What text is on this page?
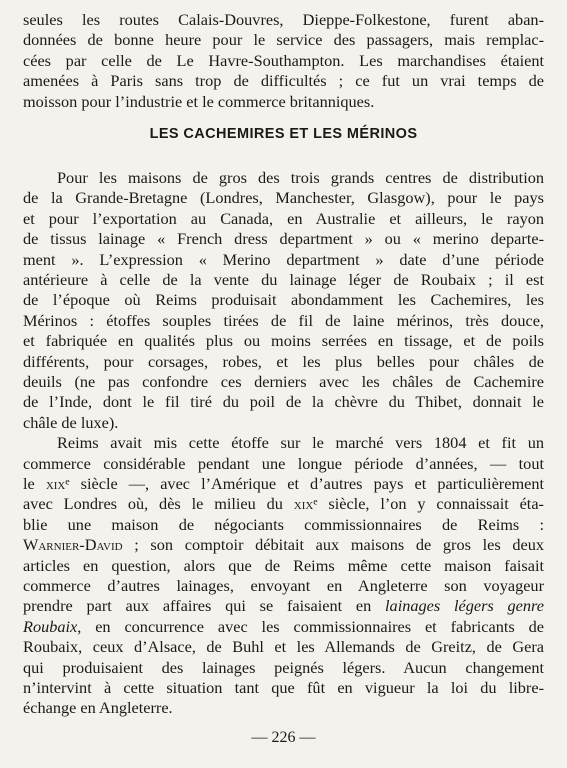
seules les routes Calais-Douvres, Dieppe-Folkestone, furent aban-
données de bonne heure pour le service des passagers, mais remplac-
cées par celle de Le Havre-Southampton. Les marchandises étaient
amenées à Paris sans trop de difficultés ; ce fut un vrai temps de
moisson pour l’industrie et le commerce britanniques.
LES CACHEMIRES ET LES MÉRINOS
Pour les maisons de gros des trois grands centres de distribution
de la Grande-Bretagne (Londres, Manchester, Glasgow), pour le pays
et pour l’exportation au Canada, en Australie et ailleurs, le rayon
de tissus lainage « French dress department » ou « merino departe-
ment ». L’expression « Merino department » date d’une période
antérieure à celle de la vente du lainage léger de Roubaix ; il est
de l’époque où Reims produisait abondamment les Cachemires, les
Mérinos : étoffes souples tirées de fil de laine mérinos, très douce,
et fabriquée en qualités plus ou moins serrées en tissage, et de poils
différents, pour corsages, robes, et les plus belles pour châles de
deuils (ne pas confondre ces derniers avec les châles de Cachemire
de l’Inde, dont le fil tiré du poil de la chèvre du Thibet, donnait le
châle de luxe).
Reims avait mis cette étoffe sur le marché vers 1804 et fit un
commerce considérable pendant une longue période d’années, — tout
le xixᵉ siècle —, avec l’Amérique et d’autres pays et particulièrement
avec Londres où, dès le milieu du xixᵉ siècle, l’on y connaissait éta-
blie une maison de négociants commissionnaires de Reims :
Warnier-David ; son comptoir débitait aux maisons de gros les deux
articles en question, alors que de Reims même cette maison faisait
commerce d’autres lainages, envoyant en Angleterre son voyageur
prendre part aux affaires qui se faisaient en lainages légers genre
Roubaix, en concurrence avec les commissionnaires et fabricants de
Roubaix, ceux d’Alsace, de Buhl et les Allemands de Greitz, de Gera
qui produisaient des lainages peignés légers. Aucun changement
n’intervint à cette situation tant que fût en vigueur la loi du libre-
— 226 —
échange en Angleterre.
